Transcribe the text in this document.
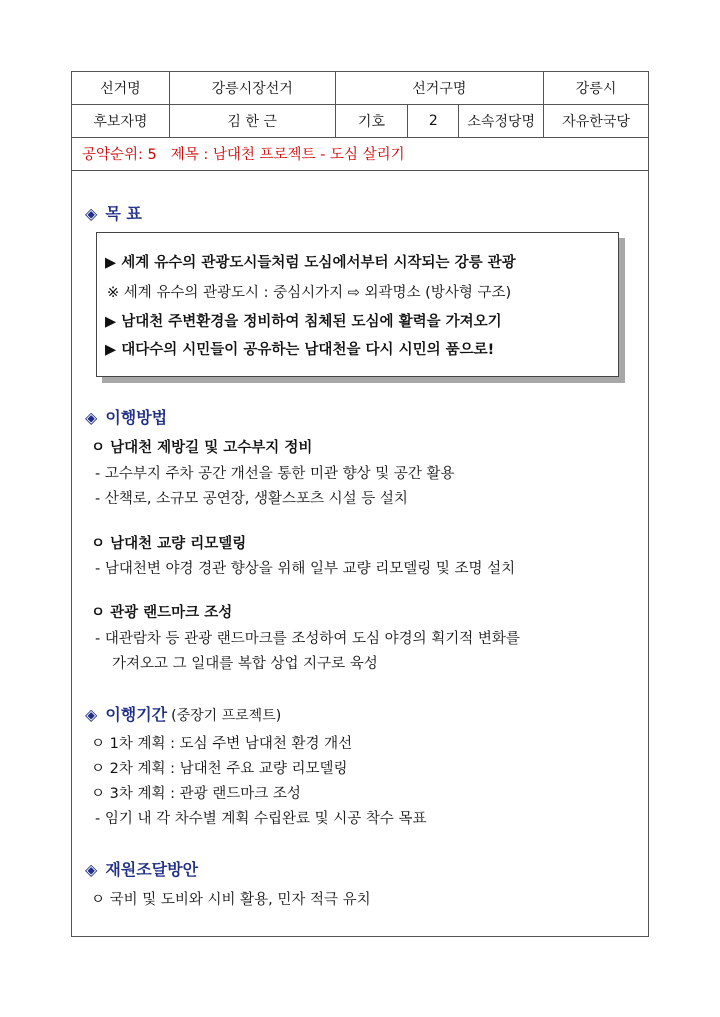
선거명	강릉시장선거	선거구명			강릉시
후보자명	김 한 근	기호	2	소속정당명	자유한국당
공약순위: 5 제목 : 남대천 프로젝트 - 도심 살리기
◈ 목 표
▶ 세계 유수의 관광도시들처럼 도심에서부터 시작되는 강릉 관광
※ 세계 유수의 관광도시 : 중심시가지 ⇨ 외곽명소 (방사형 구조)
▶ 남대천 주변환경을 정비하여 침체된 도심에 활력을 가져오기
▶ 대다수의 시민들이 공유하는 남대천을 다시 시민의 품으로!
◈ 이행방법
ㅇ 남대천 제방길 및 고수부지 정비
- 고수부지 주차 공간 개선을 통한 미관 향상 및 공간 활용
- 산책로, 소규모 공연장, 생활스포츠 시설 등 설치
ㅇ 남대천 교량 리모델링
- 남대천변 야경 경관 향상을 위해 일부 교량 리모델링 및 조명 설치
ㅇ 관광 랜드마크 조성
- 대관람차 등 관광 랜드마크를 조성하여 도심 야경의 획기적 변화를
가져오고 그 일대를 복합 상업 지구로 육성
◈ 이행기간 (중장기 프로젝트)
ㅇ 1차 계획 : 도심 주변 남대천 환경 개선
ㅇ 2차 계획 : 남대천 주요 교량 리모델링
ㅇ 3차 계획 : 관광 랜드마크 조성
- 임기 내 각 차수별 계획 수립완료 및 시공 착수 목표
◈ 재원조달방안
ㅇ 국비 및 도비와 시비 활용, 민자 적극 유치
